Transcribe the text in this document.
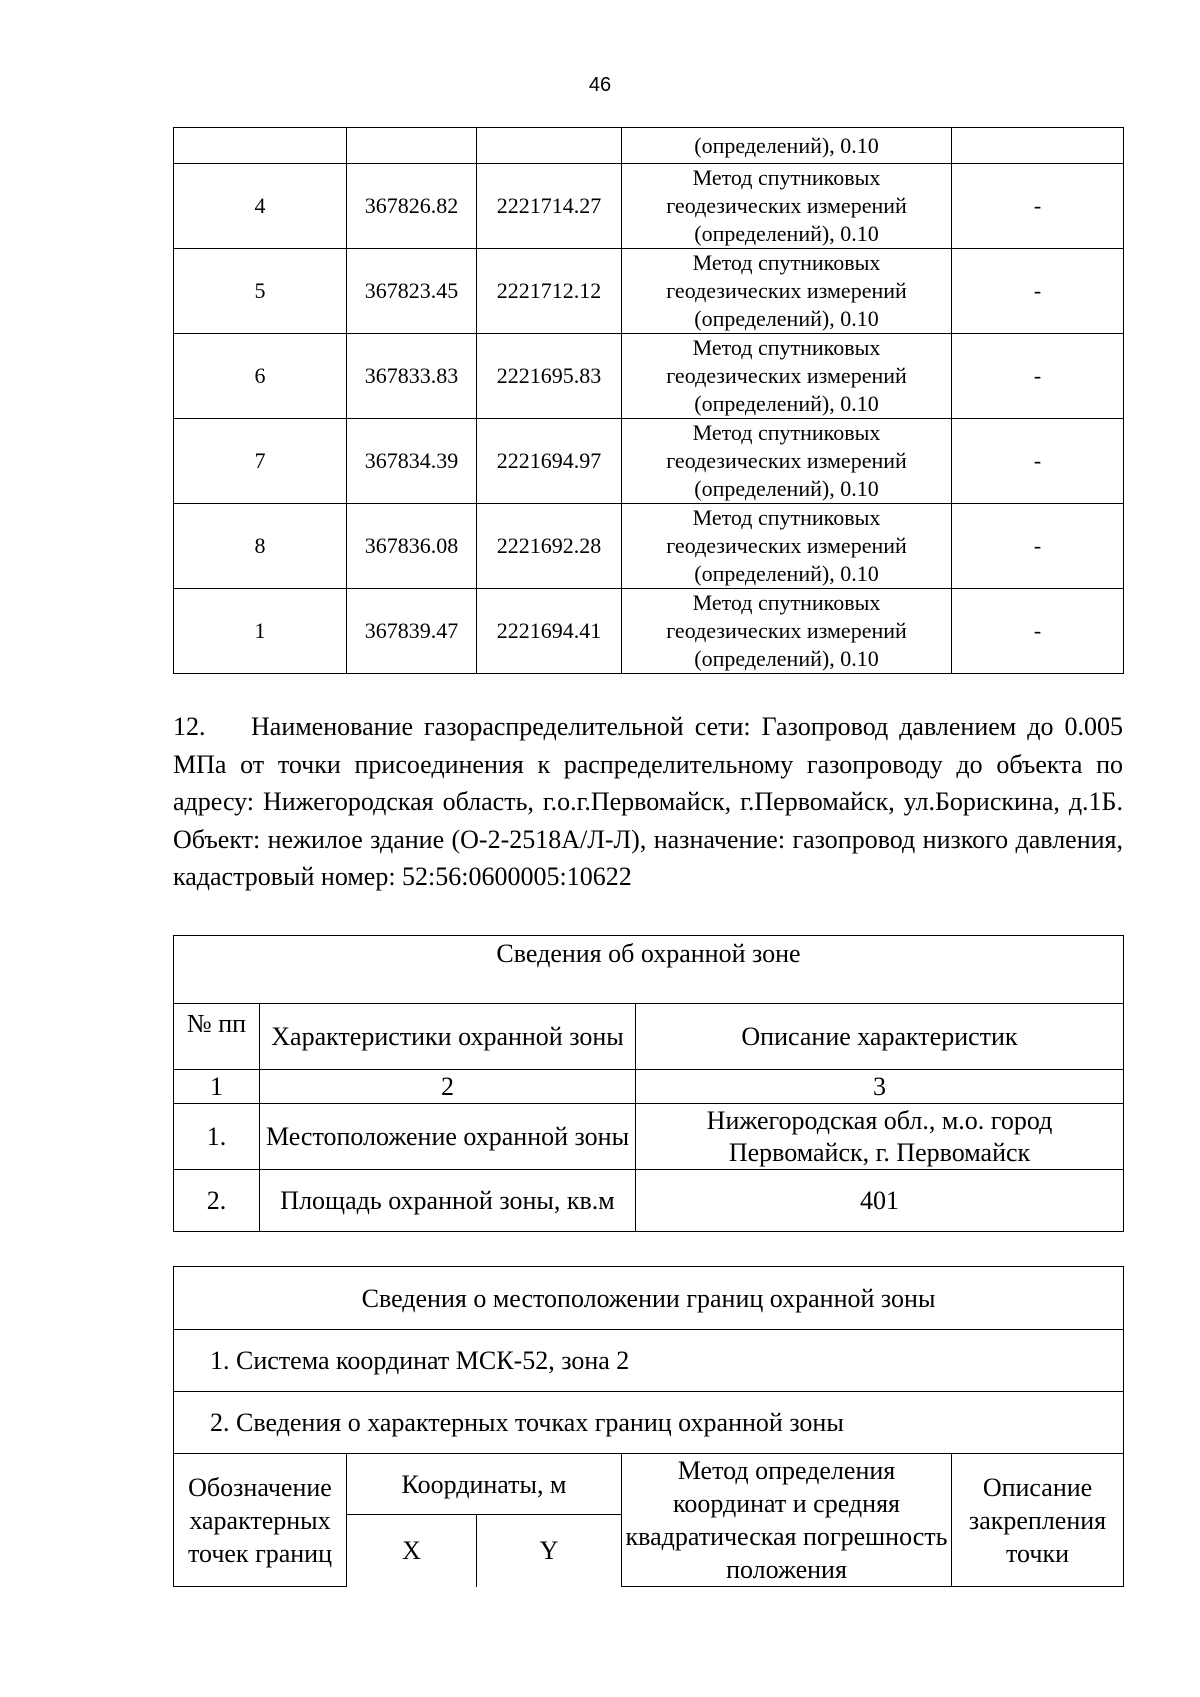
46
			(определений), 0.10	
4	367826.82	2221714.27	Метод спутниковых
геодезических измерений
(определений), 0.10	-
5	367823.45	2221712.12	Метод спутниковых
геодезических измерений
(определений), 0.10	-
6	367833.83	2221695.83	Метод спутниковых
геодезических измерений
(определений), 0.10	-
7	367834.39	2221694.97	Метод спутниковых
геодезических измерений
(определений), 0.10	-
8	367836.08	2221692.28	Метод спутниковых
геодезических измерений
(определений), 0.10	-
1	367839.47	2221694.41	Метод спутниковых
геодезических измерений
(определений), 0.10	-
12. Наименование газораспределительной сети: Газопровод давлением до 0.005 МПа от точки присоединения к распределительному газопроводу до объекта по адресу: Нижегородская область, г.о.г.Первомайск, г.Первомайск, ул.Борискина, д.1Б. Объект: нежилое здание (О-2-2518А/Л-Л), назначение: газопровод низкого давления, кадастровый номер: 52:56:0600005:10622
Сведения об охранной зоне		
№ пп	Характеристики охранной зоны	Описание характеристик
1	2	3
1.	Местоположение охранной зоны	Нижегородская обл., м.о. город Первомайск, г. Первомайск
2.	Площадь охранной зоны, кв.м	401
Сведения о местоположении границ охранной зоны				
1. Система координат МСК-52, зона 2				
2. Сведения о характерных точках границ охранной зоны				
Обозначение характерных точек границ	Координаты, м		Метод определения координат и средняя квадратическая погрешность положения	Описание закрепления точки
	X	Y		
